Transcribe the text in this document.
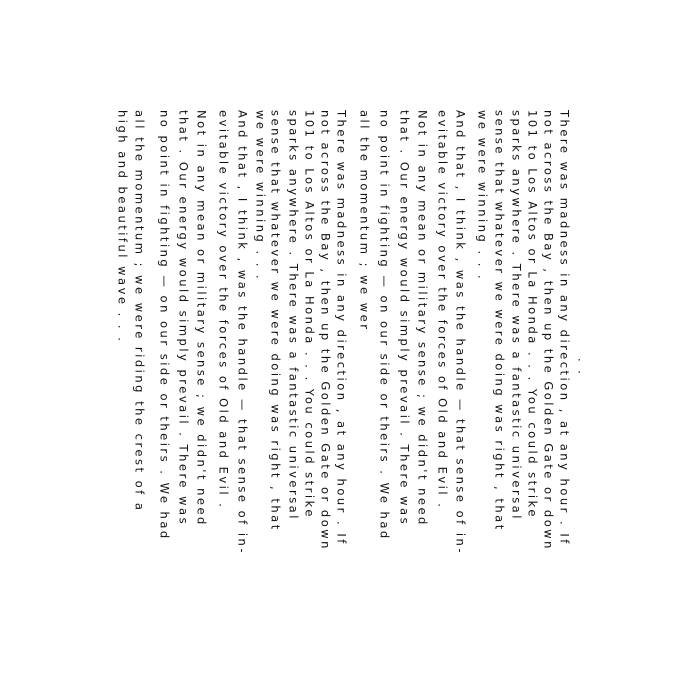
high and beautiful wave . . . all the momentum ; we were riding the crest of a no point in fighting — on our side or theirs . We had that . Our energy would simply prevail . There was Not in any mean or military sense ; we didn't need evitable victory over the forces of Old and Evil . And that , I think , was the handle — that sense of in- we were winning . . . sense that whatever we were doing was right , that sparks anywhere . There was a fantastic universal 101 to Los Altos or La Honda . . . You could strike not across the Bay , then up the Golden Gate or down There was madness in any direction , at any hour . If all the momentum ; we wer no point in fighting — on our side or theirs . We had that . Our energy would simply prevail . There was Not in any mean or military sense ; we didn't need evitable victory over the forces of Old and Evil . And that , I think , was the handle — that sense of in- we were winning . . . sense that whatever we were doing was right , that sparks anywhere . There was a fantastic universal 101 to Los Altos or La Honda . . . You could strike not across the Bay , then up the Golden Gate or down There was madness in any direction , at any hour . If . .
